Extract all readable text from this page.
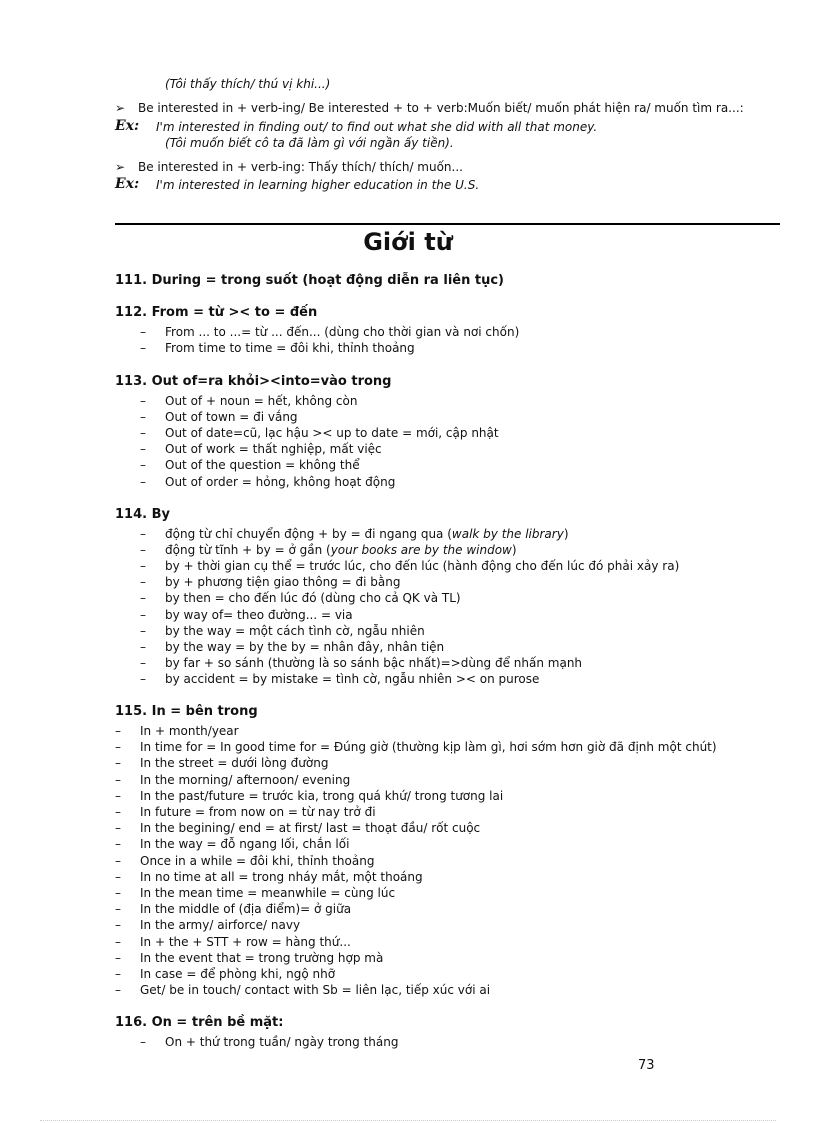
(Tôi thấy thích/ thú vị khi...)
➢ Be interested in + verb-ing/ Be interested + to + verb:Muốn biết/ muốn phát hiện ra/ muốn tìm ra...:
Ex: I'm interested in finding out/ to find out what she did with all that money.
(Tôi muốn biết cô ta đã làm gì với ngần ấy tiền).
➢ Be interested in + verb-ing: Thấy thích/ thích/ muốn...
Ex: I'm interested in learning higher education in the U.S.
Giới từ
111. During = trong suốt (hoạt động diễn ra liên tục)
112. From = từ >< to = đến
– From ... to ...= từ ... đến... (dùng cho thời gian và nơi chốn)
– From time to time = đôi khi, thỉnh thoảng
113. Out of=ra khỏi><into=vào trong
– Out of + noun = hết, không còn
– Out of town = đi vắng
– Out of date=cũ, lạc hậu >< up to date = mới, cập nhật
– Out of work = thất nghiệp, mất việc
– Out of the question = không thể
– Out of order = hỏng, không hoạt động
114. By
– động từ chỉ chuyển động + by = đi ngang qua (walk by the library)
– động từ tĩnh + by = ở gần (your books are by the window)
– by + thời gian cụ thể = trước lúc, cho đến lúc (hành động cho đến lúc đó phải xảy ra)
– by + phương tiện giao thông = đi bằng
– by then = cho đến lúc đó (dùng cho cả QK và TL)
– by way of= theo đường... = via
– by the way = một cách tình cờ, ngẫu nhiên
– by the way = by the by = nhân đây, nhân tiện
– by far + so sánh (thường là so sánh bậc nhất)=>dùng để nhấn mạnh
– by accident = by mistake = tình cờ, ngẫu nhiên >< on purose
115. In = bên trong
– In + month/year
– In time for = In good time for = Đúng giờ (thường kịp làm gì, hơi sớm hơn giờ đã định một chút)
– In the street = dưới lòng đường
– In the morning/ afternoon/ evening
– In the past/future = trước kia, trong quá khứ/ trong tương lai
– In future = from now on = từ nay trở đi
– In the begining/ end = at first/ last = thoạt đầu/ rốt cuộc
– In the way = đỗ ngang lối, chắn lối
– Once in a while = đôi khi, thỉnh thoảng
– In no time at all = trong nháy mắt, một thoáng
– In the mean time = meanwhile = cùng lúc
– In the middle of (địa điểm)= ở giữa
– In the army/ airforce/ navy
– In + the + STT + row = hàng thứ...
– In the event that = trong trường hợp mà
– In case = để phòng khi, ngộ nhỡ
– Get/ be in touch/ contact with Sb = liên lạc, tiếp xúc với ai
116. On = trên bề mặt:
– On + thứ trong tuần/ ngày trong tháng
73
